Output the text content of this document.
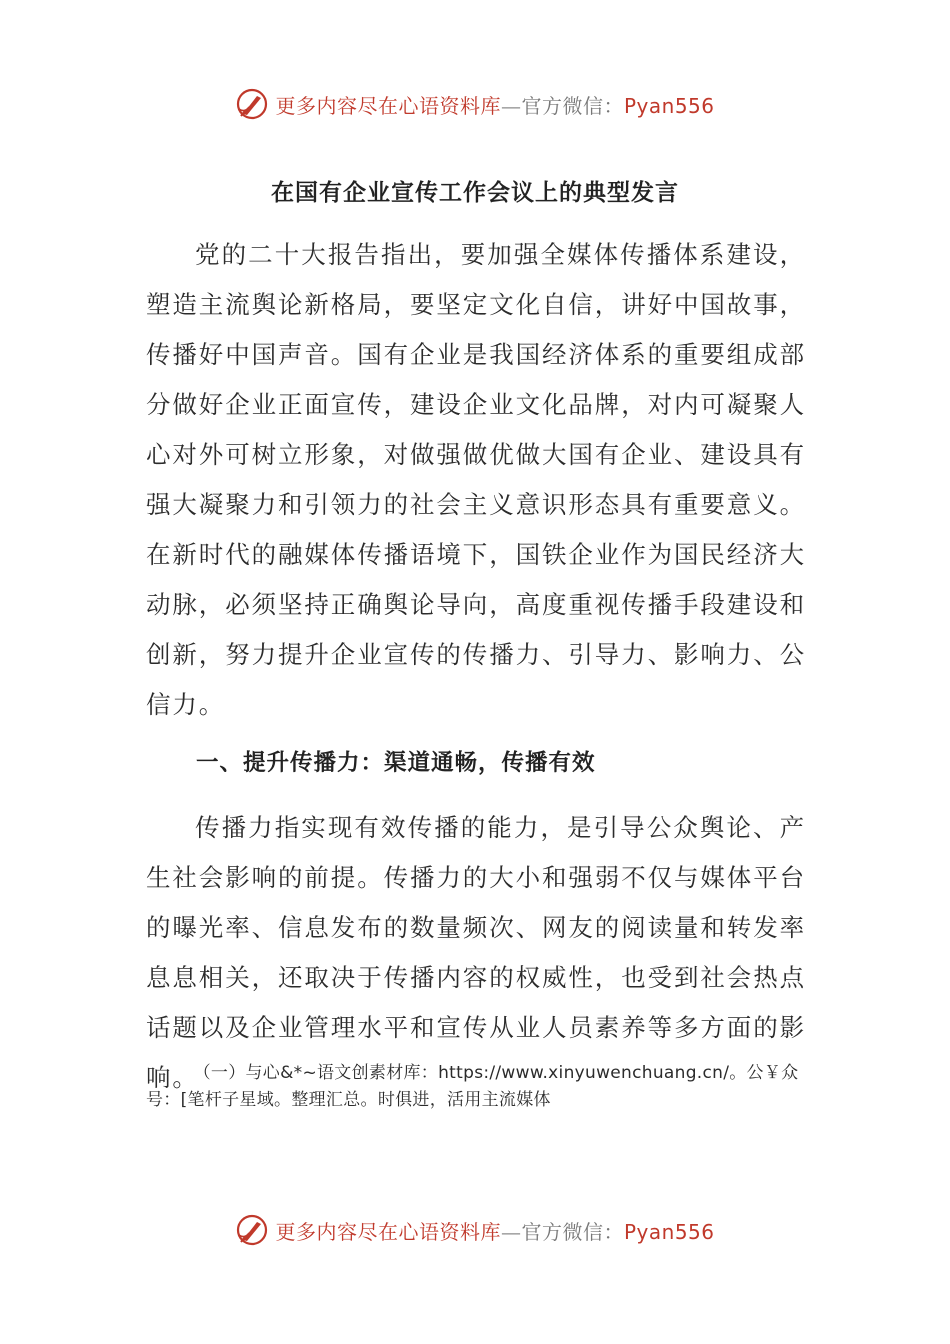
更多内容尽在心语资料库—官方微信：Pyan556
在国有企业宣传工作会议上的典型发言

党的二十大报告指出，要加强全媒体传播体系建设，塑造主流舆论新格局，要坚定文化自信，讲好中国故事，传播好中国声音。国有企业是我国经济体系的重要组成部分做好企业正面宣传，建设企业文化品牌，对内可凝聚人心对外可树立形象，对做强做优做大国有企业、建设具有强大凝聚力和引领力的社会主义意识形态具有重要意义。在新时代的融媒体传播语境下，国铁企业作为国民经济大动脉，必须坚持正确舆论导向，高度重视传播手段建设和创新，努力提升企业宣传的传播力、引导力、影响力、公信力。

一、提升传播力：渠道通畅，传播有效

传播力指实现有效传播的能力，是引导公众舆论、产生社会影响的前提。传播力的大小和强弱不仅与媒体平台的曝光率、信息发布的数量频次、网友的阅读量和转发率息息相关，还取决于传播内容的权威性，也受到社会热点话题以及企业管理水平和宣传从业人员素养等多方面的影响。

（一）与心&*~语文创素材库：https://www.xinyuwenchuang.cn/。公￥众号：[笔杆子星域。整理汇总。时俱进，活用主流媒体

更多内容尽在心语资料库—官方微信：Pyan556
